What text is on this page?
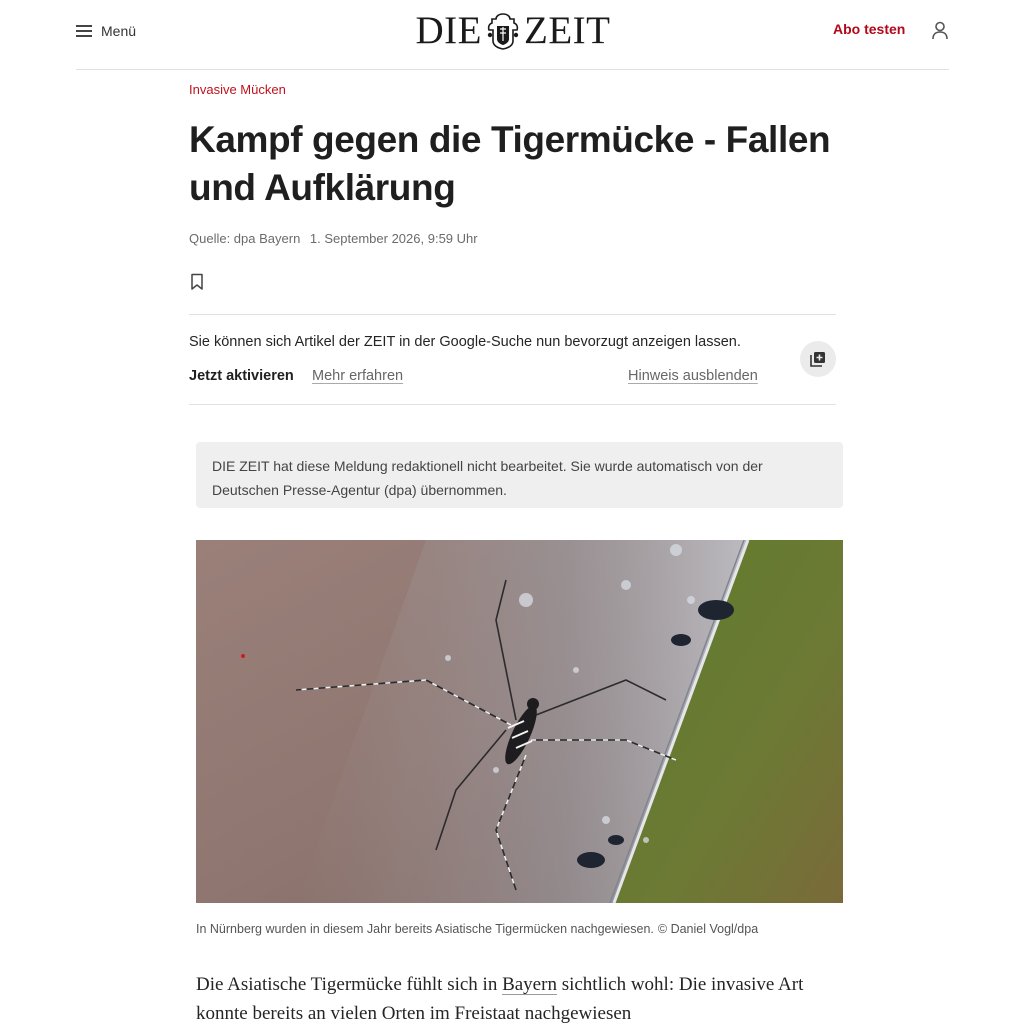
Menü	DIE ZEIT	Abo testen
Invasive Mücken
Kampf gegen die Tigermücke - Fallen und Aufklärung
Quelle: dpa Bayern 1. September 2026, 9:59 Uhr
Sie können sich Artikel der ZEIT in der Google-Suche nun bevorzugt anzeigen lassen.
Jetzt aktivieren Mehr erfahren	Hinweis ausblenden
DIE ZEIT hat diese Meldung redaktionell nicht bearbeitet. Sie wurde automatisch von der Deutschen Presse-Agentur (dpa) übernommen.
In Nürnberg wurden in diesem Jahr bereits Asiatische Tigermücken nachgewiesen. © Daniel Vogl/dpa

Die Asiatische Tigermücke fühlt sich in Bayern sichtlich wohl: Die invasive Art konnte bereits an vielen Orten im Freistaat nachgewiesen
